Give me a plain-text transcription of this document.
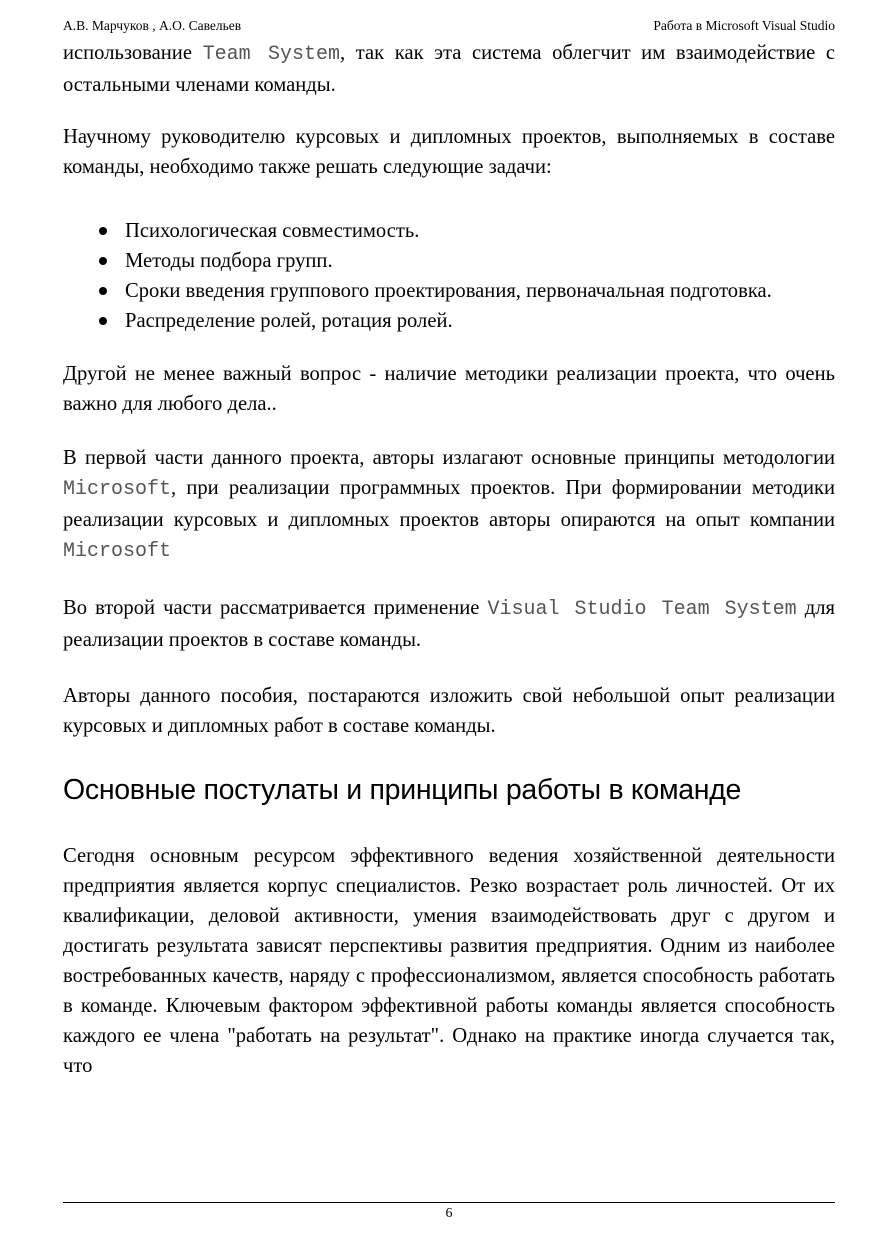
А.В. Марчуков , А.О. Савельев	Работа в Microsoft Visual Studio

использование Team System, так как эта система облегчит им взаимодействие с остальными членами команды.

Научному руководителю курсовых и дипломных проектов, выполняемых в составе команды, необходимо также решать следующие задачи:

Психологическая совместимость.
Методы подбора групп.
Сроки введения группового проектирования, первоначальная подготовка.
Распределение ролей, ротация ролей.

Другой не менее важный вопрос - наличие методики реализации проекта, что очень важно для любого дела..

В первой части данного проекта, авторы излагают основные принципы методологии Microsoft, при реализации программных проектов. При формировании методики реализации курсовых и дипломных проектов авторы опираются на опыт компании Microsoft

Во второй части рассматривается применение Visual Studio Team System для реализации проектов в составе команды.

Авторы данного пособия, постараются изложить свой небольшой опыт реализации курсовых и дипломных работ в составе команды.

Основные постулаты и принципы работы в команде

Сегодня основным ресурсом эффективного ведения хозяйственной деятельности предприятия является корпус специалистов. Резко возрастает роль личностей. От их квалификации, деловой активности, умения взаимодействовать друг с другом и достигать результата зависят перспективы развития предприятия. Одним из наиболее востребованных качеств, наряду с профессионализмом, является способность работать в команде. Ключевым фактором эффективной работы команды является способность каждого ее члена "работать на результат". Однако на практике иногда случается так, что

6
